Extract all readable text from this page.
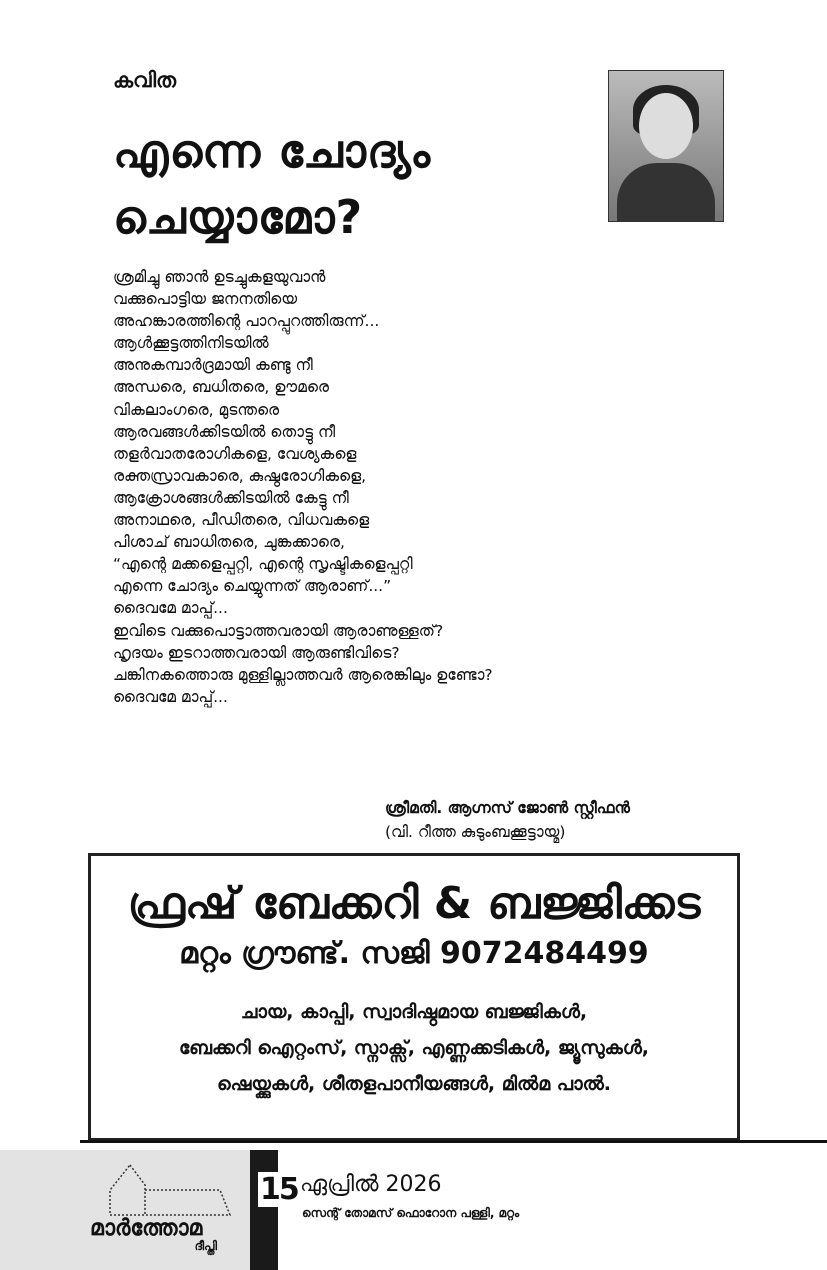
കവിത
എന്നെ ചോദ്യം
ചെയ്യാമോ?
ശ്രമിച്ചു ഞാൻ ഉടച്ചുകളയുവാൻ
വക്കുപൊട്ടിയ ജനനതിയെ
അഹങ്കാരത്തിന്റെ പാറപ്പുറത്തിരുന്ന്...
ആൾക്കൂട്ടത്തിനിടയിൽ
അനുകമ്പാർദ്രമായി കണ്ടു നീ
അന്ധരെ, ബധിതരെ, ഊമരെ
വികലാംഗരെ, മുടന്തരെ
ആരവങ്ങൾക്കിടയിൽ തൊട്ടു നീ
തളർവാതരോഗികളെ, വേശ്യകളെ
രക്തസ്രാവകാരെ, കുഷ്ഠരോഗികളെ,
ആക്രോശങ്ങൾക്കിടയിൽ കേട്ടു നീ
അനാഥരെ, പീഡിതരെ, വിധവകളെ
പിശാച് ബാധിതരെ, ചുങ്കക്കാരെ,
“എന്റെ മക്കളെപ്പറ്റി, എന്റെ സൃഷ്ടികളെപ്പറ്റി
എന്നെ ചോദ്യം ചെയ്യുന്നത് ആരാണ്...”
ദൈവമേ മാപ്പ്...
ഇവിടെ വക്കുപൊട്ടാത്തവരായി ആരാണുള്ളത്?
ഹൃദയം ഇടറാത്തവരായി ആരുണ്ടിവിടെ?
ചങ്കിനകത്തൊരു മുള്ളില്ലാത്തവർ ആരെങ്കിലും ഉണ്ടോ?
ദൈവമേ മാപ്പ്...
ശ്രീമതി. ആഗ്നസ് ജോൺ സ്റ്റീഫൻ
(വി. റീത്ത കുടുംബക്കൂട്ടായ്മ)
ഫ്രഷ് ബേക്കറി & ബജ്ജിക്കട
മറ്റം ഗ്രൗണ്ട്. സജി 9072484499
ചായ, കാപ്പി, സ്വാദിഷ്ഠമായ ബജ്ജികൾ,
ബേക്കറി ഐറ്റംസ്, സ്നാക്സ്, എണ്ണക്കടികൾ, ജ്യൂസുകൾ,
ഷെയ്ക്കുകൾ, ശീതളപാനീയങ്ങൾ, മിൽമ പാൽ.
മാർത്തോമ
ദീപ്തി
15 ഏപ്രിൽ 2026
സെന്റ് തോമസ് ഫൊറോന പള്ളി, മറ്റം
